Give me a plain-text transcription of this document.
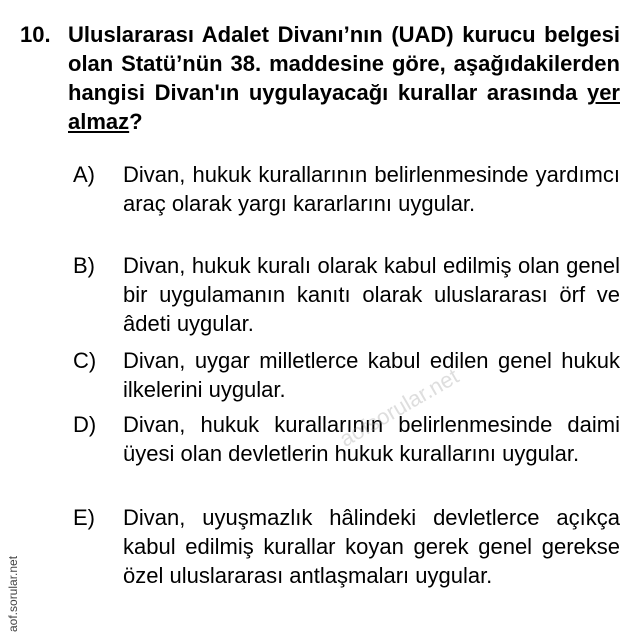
10. Uluslararası Adalet Divanı’nın (UAD) kurucu belgesi olan Statü’nün 38. maddesine göre, aşağıdakilerden hangisi Divan'ın uygulayacağı kurallar arasında yer almaz?
A) Divan, hukuk kurallarının belirlenmesinde yardımcı araç olarak yargı kararlarını uygular.
B) Divan, hukuk kuralı olarak kabul edilmiş olan genel bir uygulamanın kanıtı olarak uluslararası örf ve âdeti uygular.
C) Divan, uygar milletlerce kabul edilen genel hukuk ilkelerini uygular.
D) Divan, hukuk kurallarının belirlenmesinde daimi üyesi olan devletlerin hukuk kurallarını uygular.
E) Divan, uyuşmazlık hâlindeki devletlerce açıkça kabul edilmiş kurallar koyan gerek genel gerekse özel uluslararası antlaşmaları uygular.
aofsorular.net
aof.sorular.net
